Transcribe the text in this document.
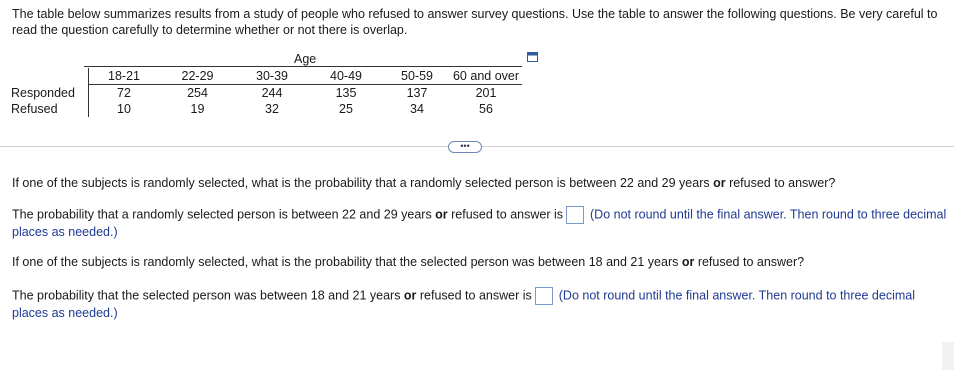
The table below summarizes results from a study of people who refused to answer survey questions. Use the table to answer the following questions. Be very careful to read the question carefully to determine whether or not there is overlap.
Age
	18-21	22-29	30-39	40-49	50-59	60 and over
Responded	72	254	244	135	137	201
Refused	10	19	32	25	34	56
•••
If one of the subjects is randomly selected, what is the probability that a randomly selected person is between 22 and 29 years or refused to answer?
The probability that a randomly selected person is between 22 and 29 years or refused to answer is (Do not round until the final answer. Then round to three decimal places as needed.)
If one of the subjects is randomly selected, what is the probability that the selected person was between 18 and 21 years or refused to answer?
The probability that the selected person was between 18 and 21 years or refused to answer is (Do not round until the final answer. Then round to three decimal places as needed.)
